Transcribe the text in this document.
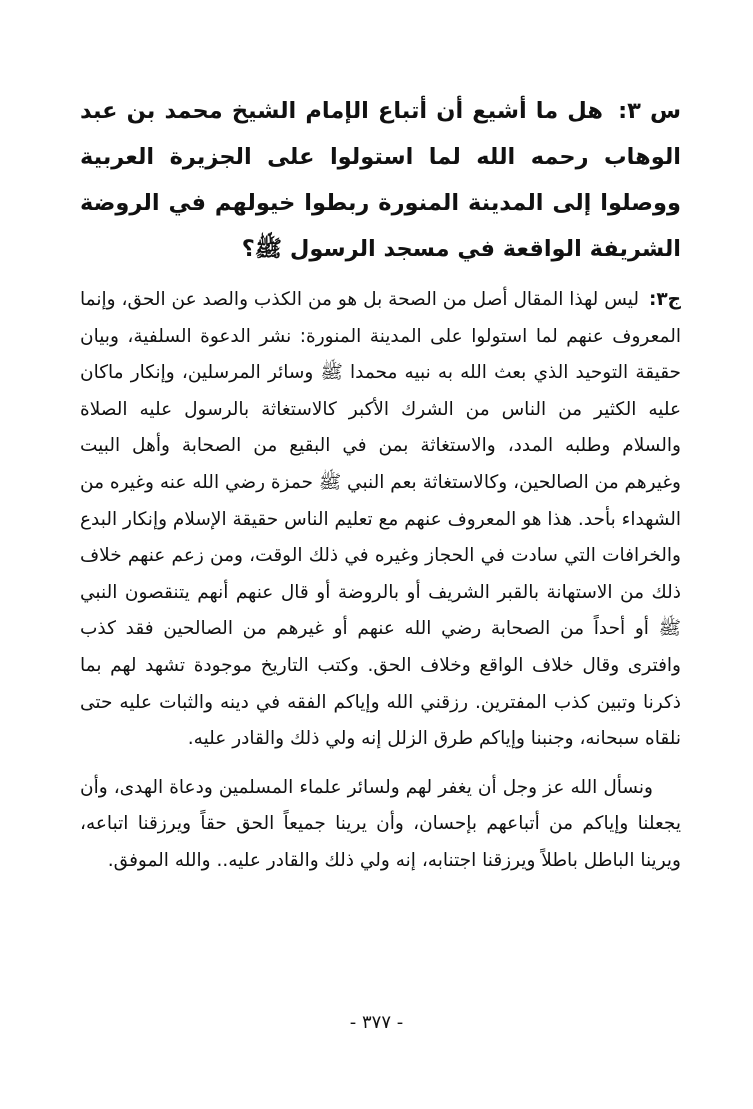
س ٣: هل ما أشيع أن أتباع الإمام الشيخ محمد بن عبد الوهاب رحمه الله لما استولوا على الجزيرة العربية ووصلوا إلى المدينة المنورة ربطوا خيولهم في الروضة الشريفة الواقعة في مسجد الرسول ﷺ؟

ج٣: ليس لهذا المقال أصل من الصحة بل هو من الكذب والصد عن الحق، وإنما المعروف عنهم لما استولوا على المدينة المنورة: نشر الدعوة السلفية، وبيان حقيقة التوحيد الذي بعث الله به نبيه محمدا ﷺ وسائر المرسلين، وإنكار ماكان عليه الكثير من الناس من الشرك الأكبر كالاستغاثة بالرسول عليه الصلاة والسلام وطلبه المدد، والاستغاثة بمن في البقيع من الصحابة وأهل البيت وغيرهم من الصالحين، وكالاستغاثة بعم النبي ﷺ حمزة رضي الله عنه وغيره من الشهداء بأحد. هذا هو المعروف عنهم مع تعليم الناس حقيقة الإسلام وإنكار البدع والخرافات التي سادت في الحجاز وغيره في ذلك الوقت، ومن زعم عنهم خلاف ذلك من الاستهانة بالقبر الشريف أو بالروضة أو قال عنهم أنهم يتنقصون النبي ﷺ أو أحداً من الصحابة رضي الله عنهم أو غيرهم من الصالحين فقد كذب وافترى وقال خلاف الواقع وخلاف الحق. وكتب التاريخ موجودة تشهد لهم بما ذكرنا وتبين كذب المفترين. رزقني الله وإياكم الفقه في دينه والثبات عليه حتى نلقاه سبحانه، وجنبنا وإياكم طرق الزلل إنه ولي ذلك والقادر عليه.

ونسأل الله عز وجل أن يغفر لهم ولسائر علماء المسلمين ودعاة الهدى، وأن يجعلنا وإياكم من أتباعهم بإحسان، وأن يرينا جميعاً الحق حقاً ويرزقنا اتباعه، ويرينا الباطل باطلاً ويرزقنا اجتنابه، إنه ولي ذلك والقادر عليه.. والله الموفق.

- ٣٧٧ -
